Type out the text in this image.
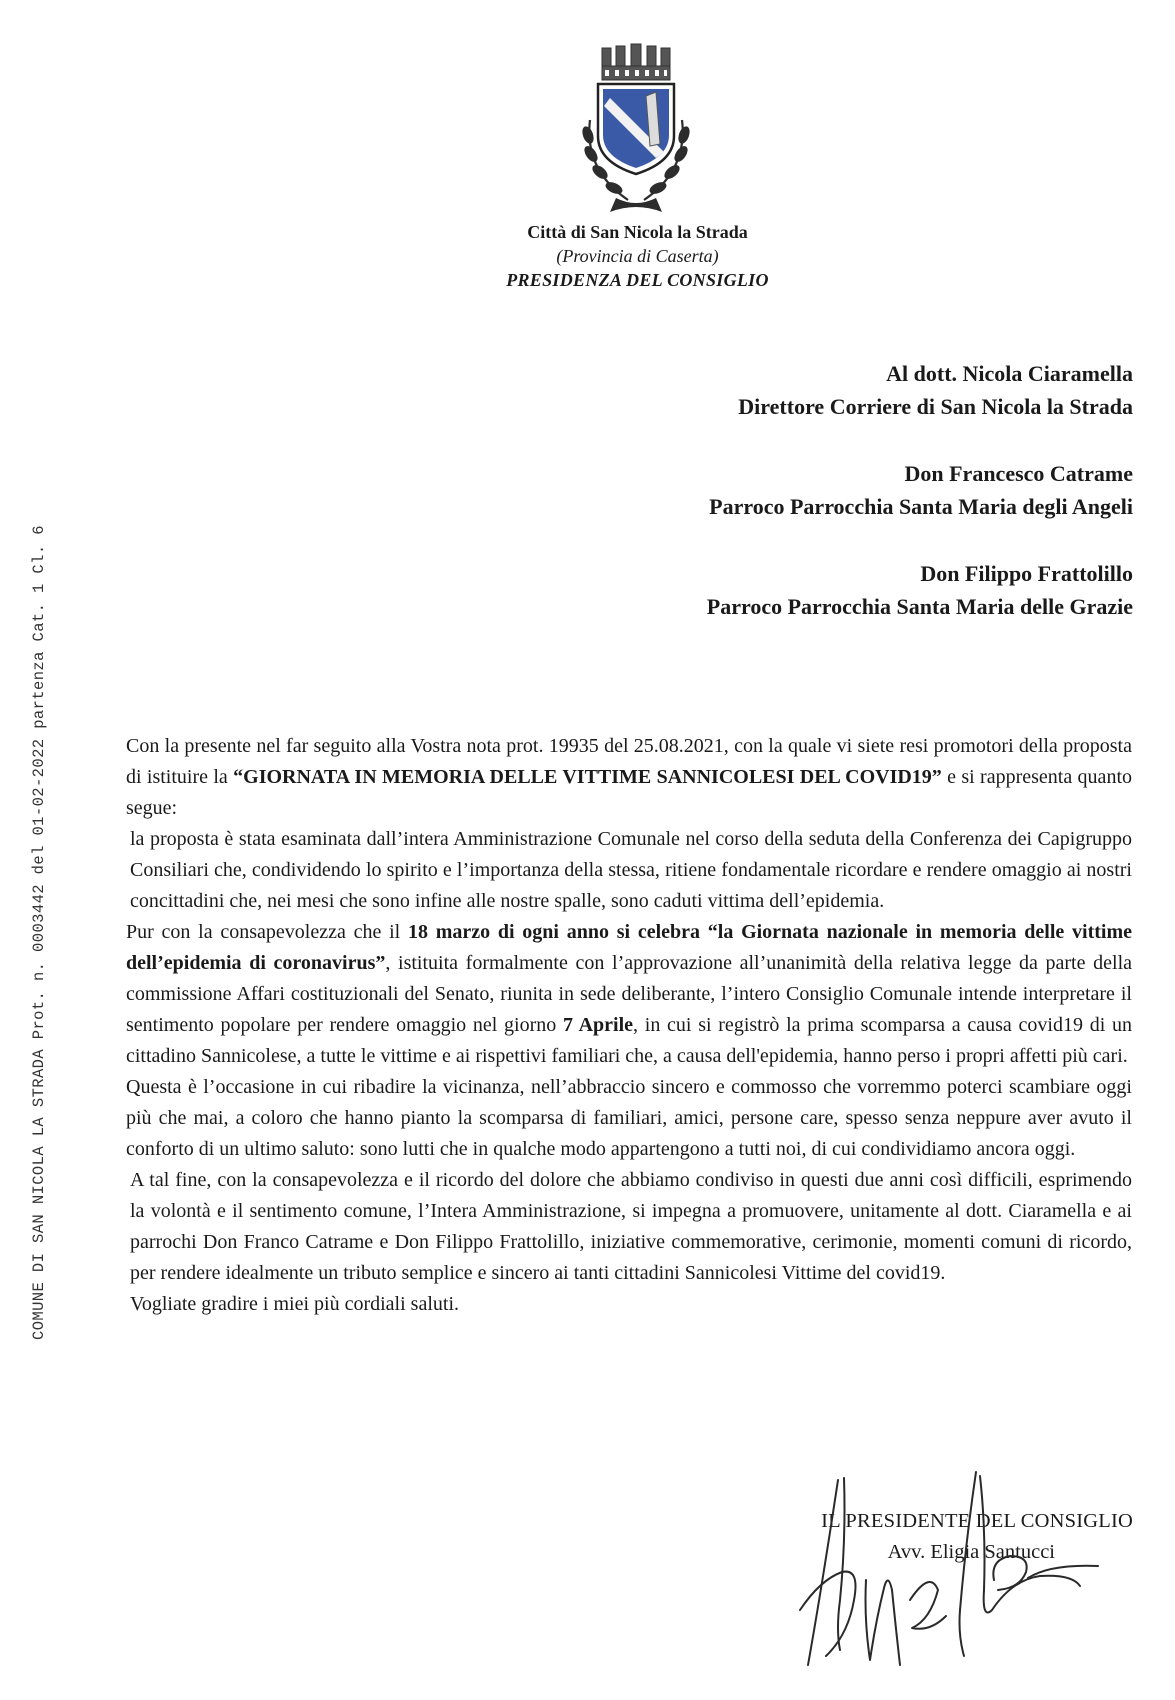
COMUNE DI SAN NICOLA LA STRADA Prot. n. 0003442 del 01-02-2022 partenza Cat. 1 Cl. 6
Città di San Nicola la Strada
(Provincia di Caserta)
PRESIDENZA DEL CONSIGLIO
Al dott. Nicola Ciaramella
Direttore Corriere di San Nicola la Strada
Don Francesco Catrame
Parroco Parrocchia Santa Maria degli Angeli
Don Filippo Frattolillo
Parroco Parrocchia Santa Maria delle Grazie

Con la presente nel far seguito alla Vostra nota prot. 19935 del 25.08.2021, con la quale vi siete resi promotori della proposta di istituire la “GIORNATA IN MEMORIA DELLE VITTIME SANNICOLESI DEL COVID19” e si rappresenta quanto segue:

la proposta è stata esaminata dall’intera Amministrazione Comunale nel corso della seduta della Conferenza dei Capigruppo Consiliari che, condividendo lo spirito e l’importanza della stessa, ritiene fondamentale ricordare e rendere omaggio ai nostri concittadini che, nei mesi che sono infine alle nostre spalle, sono caduti vittima dell’epidemia.

Pur con la consapevolezza che il 18 marzo di ogni anno si celebra “la Giornata nazionale in memoria delle vittime dell’epidemia di coronavirus”, istituita formalmente con l’approvazione all’unanimità della relativa legge da parte della commissione Affari costituzionali del Senato, riunita in sede deliberante, l’intero Consiglio Comunale intende interpretare il sentimento popolare per rendere omaggio nel giorno 7 Aprile, in cui si registrò la prima scomparsa a causa covid19 di un cittadino Sannicolese, a tutte le vittime e ai rispettivi familiari che, a causa dell'epidemia, hanno perso i propri affetti più cari.

Questa è l’occasione in cui ribadire la vicinanza, nell’abbraccio sincero e commosso che vorremmo poterci scambiare oggi più che mai, a coloro che hanno pianto la scomparsa di familiari, amici, persone care, spesso senza neppure aver avuto il conforto di un ultimo saluto: sono lutti che in qualche modo appartengono a tutti noi, di cui condividiamo ancora oggi.

A tal fine, con la consapevolezza e il ricordo del dolore che abbiamo condiviso in questi due anni così difficili, esprimendo la volontà e il sentimento comune, l’Intera Amministrazione, si impegna a promuovere, unitamente al dott. Ciaramella e ai parrochi Don Franco Catrame e Don Filippo Frattolillo, iniziative commemorative, cerimonie, momenti comuni di ricordo, per rendere idealmente un tributo semplice e sincero ai tanti cittadini Sannicolesi Vittime del covid19.

Vogliate gradire i miei più cordiali saluti.

IL PRESIDENTE DEL CONSIGLIO
Avv. Eligia Santucci
